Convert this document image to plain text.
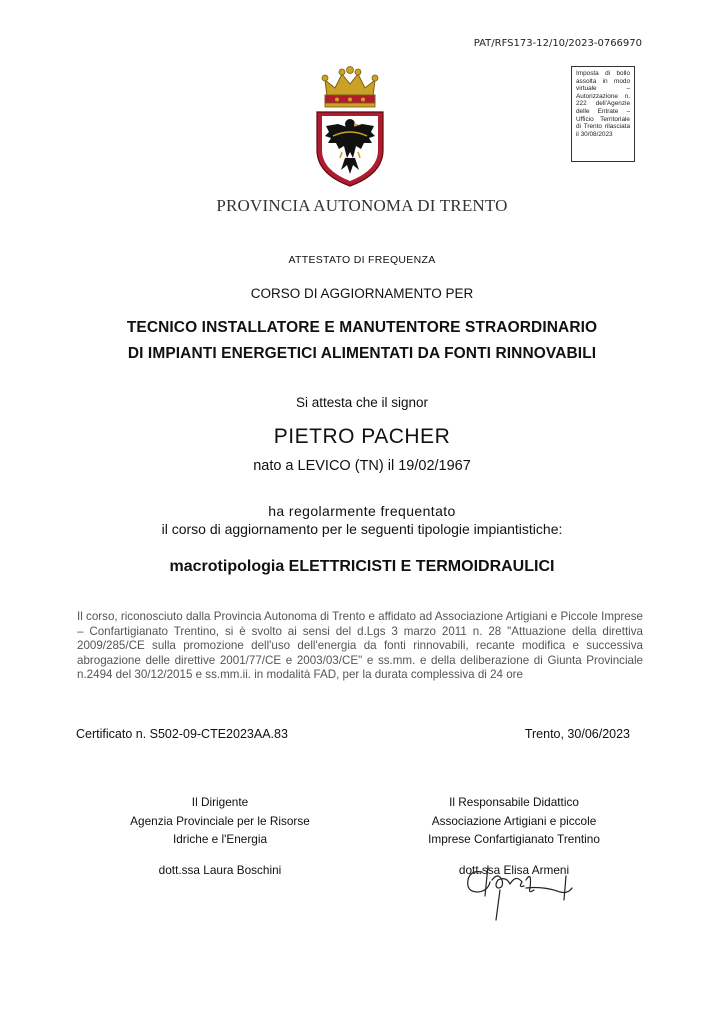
PAT/RFS173-12/10/2023-0766970
Imposta di bollo assolta in modo virtuale – Autorizzazione n. 222 dell'Agenzie delle Entrate – Ufficio Territoriale di Trento rilasciata il 30/08/2023
PROVINCIA AUTONOMA DI TRENTO
ATTESTATO DI FREQUENZA
CORSO DI AGGIORNAMENTO PER
TECNICO INSTALLATORE E MANUTENTORE STRAORDINARIO
DI IMPIANTI ENERGETICI ALIMENTATI DA FONTI RINNOVABILI
Si attesta che il signor
PIETRO PACHER
nato a LEVICO (TN) il 19/02/1967
ha regolarmente frequentato
il corso di aggiornamento per le seguenti tipologie impiantistiche:
macrotipologia ELETTRICISTI E TERMOIDRAULICI
Il corso, riconosciuto dalla Provincia Autonoma di Trento e affidato ad Associazione Artigiani e Piccole Imprese – Confartigianato Trentino, si è svolto ai sensi del d.Lgs 3 marzo 2011 n. 28 "Attuazione della direttiva 2009/285/CE sulla promozione dell'uso dell'energia da fonti rinnovabili, recante modifica e successiva abrogazione delle direttive 2001/77/CE e 2003/03/CE" e ss.mm. e della deliberazione di Giunta Provinciale n.2494 del 30/12/2015 e ss.mm.ii. in modalità FAD, per la durata complessiva di 24 ore
Certificato n. S502-09-CTE2023AA.83	Trento, 30/06/2023
Il Dirigente
Agenzia Provinciale per le Risorse
Idriche e l'Energia
dott.ssa Laura Boschini
Il Responsabile Didattico
Associazione Artigiani e piccole
Imprese Confartigianato Trentino
dott.ssa Elisa Armeni
